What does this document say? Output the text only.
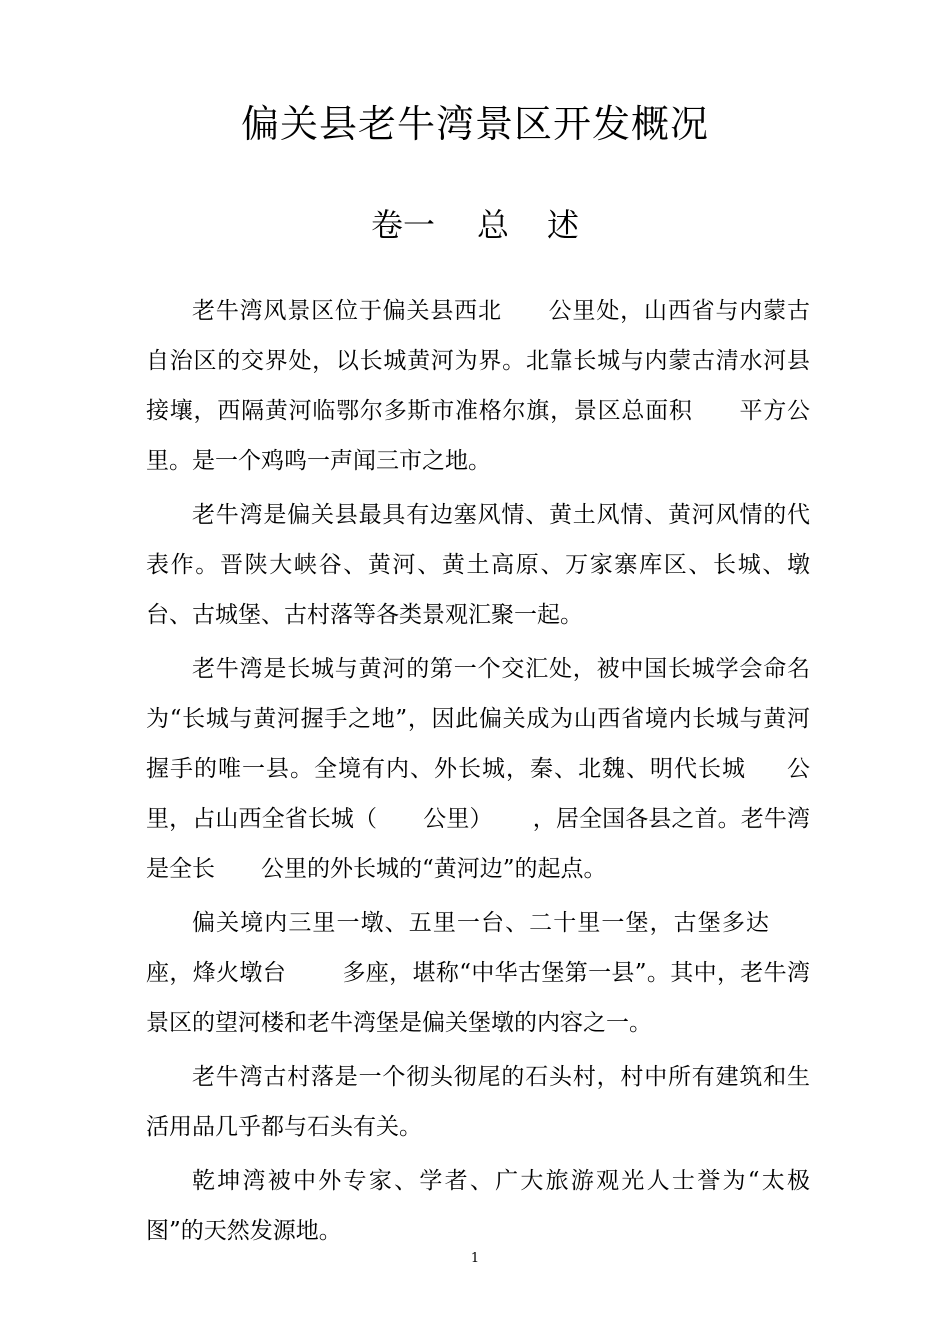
偏关县老牛湾景区开发概况
卷一 总 述

老牛湾风景区位于偏关县西北 公里处，山西省与内蒙古自治区的交界处，以长城黄河为界。北靠长城与内蒙古清水河县接壤，西隔黄河临鄂尔多斯市准格尔旗，景区总面积 平方公里。是一个鸡鸣一声闻三市之地。

老牛湾是偏关县最具有边塞风情、黄土风情、黄河风情的代表作。晋陕大峡谷、黄河、黄土高原、万家寨库区、长城、墩台、古城堡、古村落等各类景观汇聚一起。

老牛湾是长城与黄河的第一个交汇处，被中国长城学会命名为“长城与黄河握手之地”，因此偏关成为山西省境内长城与黄河握手的唯一县。全境有内、外长城，秦、北魏、明代长城 公里，占山西全省长城（ 公里） ，居全国各县之首。老牛湾是全长 公里的外长城的“黄河边”的起点。

偏关境内三里一墩、五里一台、二十里一堡，古堡多达座，烽火墩台 多座，堪称“中华古堡第一县”。其中，老牛湾景区的望河楼和老牛湾堡是偏关堡墩的内容之一。

老牛湾古村落是一个彻头彻尾的石头村，村中所有建筑和生活用品几乎都与石头有关。

乾坤湾被中外专家、学者、广大旅游观光人士誉为“太极图”的天然发源地。

1
